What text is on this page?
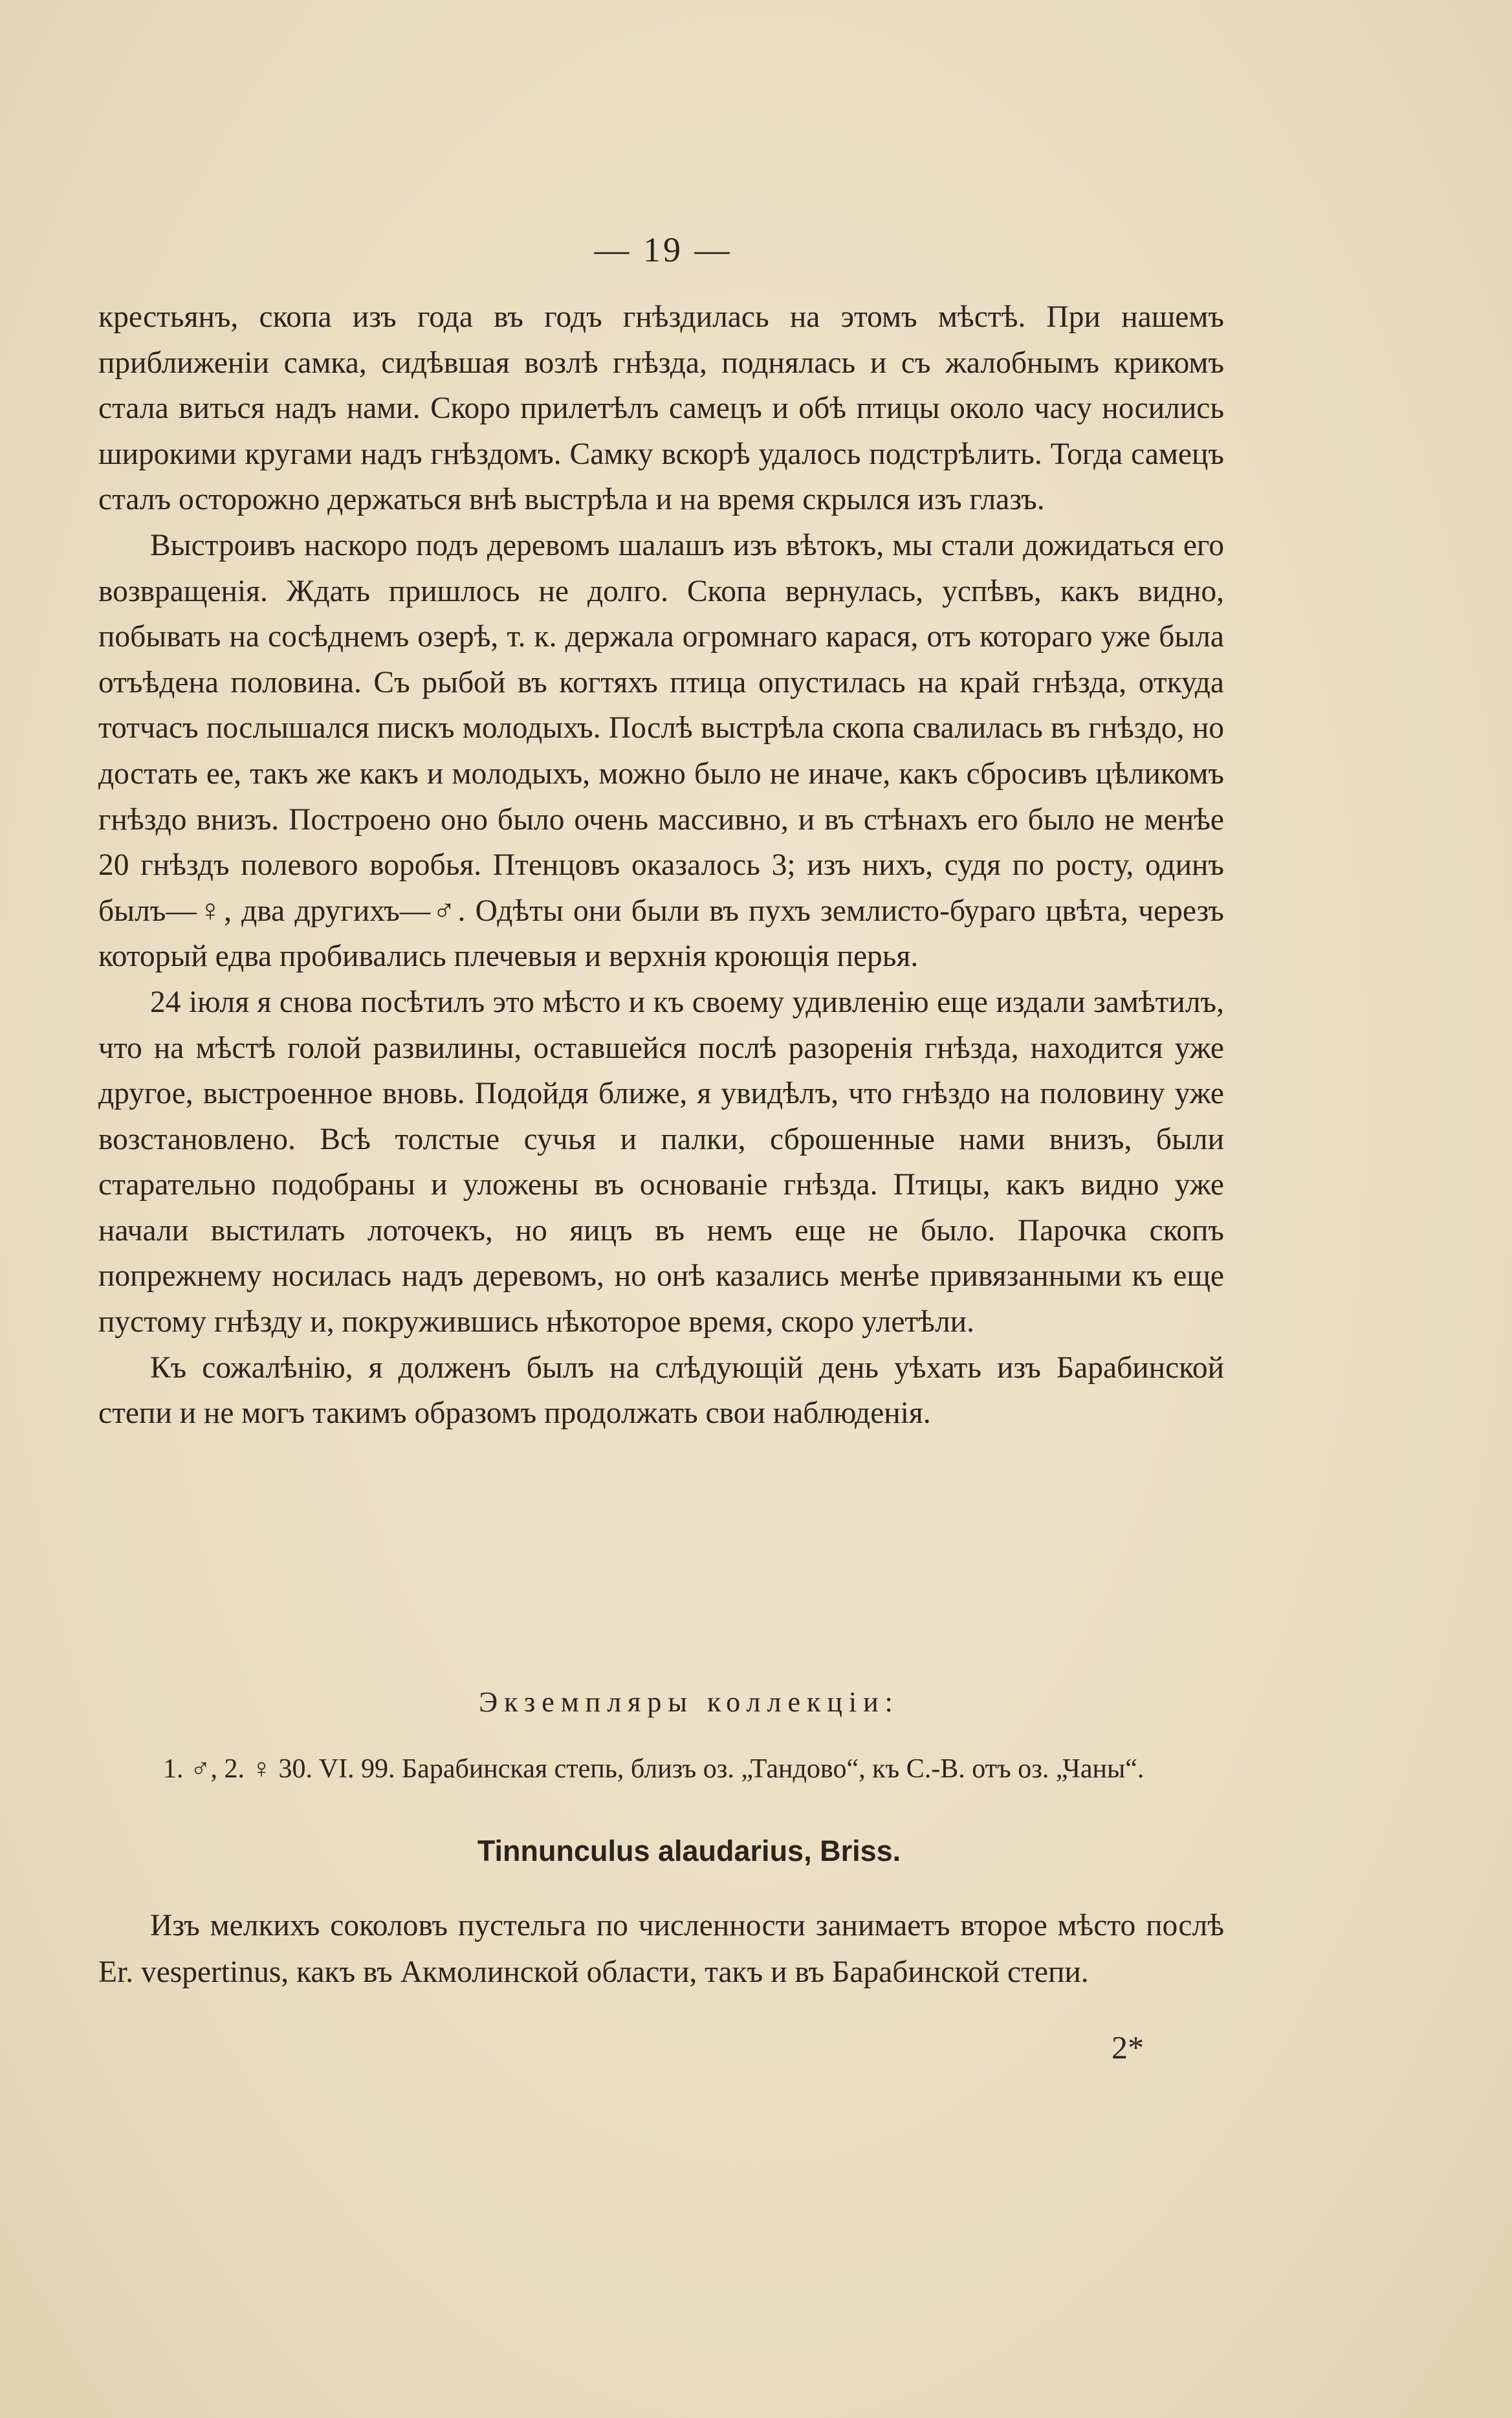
— 19 —

крестьянъ, скопа изъ года въ годъ гнѣздилась на этомъ мѣстѣ. При нашемъ приближеніи самка, сидѣвшая возлѣ гнѣзда, поднялась и съ жалобнымъ крикомъ стала виться надъ нами. Скоро прилетѣлъ самецъ и обѣ птицы около часу носились широкими кругами надъ гнѣздомъ. Самку вскорѣ удалось подстрѣлить. Тогда самецъ сталъ осторожно держаться внѣ выстрѣла и на время скрылся изъ глазъ.

Выстроивъ наскоро подъ деревомъ шалашъ изъ вѣтокъ, мы стали дожидаться его возвращенія. Ждать пришлось не долго. Скопа вернулась, успѣвъ, какъ видно, побывать на сосѣднемъ озерѣ, т. к. держала огромнаго карася, отъ котораго уже была отъѣдена половина. Съ рыбой въ когтяхъ птица опустилась на край гнѣзда, откуда тотчасъ послышался пискъ молодыхъ. Послѣ выстрѣла скопа свалилась въ гнѣздо, но достать ее, такъ же какъ и молодыхъ, можно было не иначе, какъ сбросивъ цѣликомъ гнѣздо внизъ. Построено оно было очень массивно, и въ стѣнахъ его было не менѣе 20 гнѣздъ полевого воробья. Птенцовъ оказалось 3; изъ нихъ, судя по росту, одинъ былъ—♀, два другихъ—♂. Одѣты они были въ пухъ землисто-бураго цвѣта, черезъ который едва пробивались плечевыя и верхнія кроющія перья.

24 іюля я снова посѣтилъ это мѣсто и къ своему удивленію еще издали замѣтилъ, что на мѣстѣ голой развилины, оставшейся послѣ разоренія гнѣзда, находится уже другое, выстроенное вновь. Подойдя ближе, я увидѣлъ, что гнѣздо на половину уже возстановлено. Всѣ толстые сучья и палки, сброшенные нами внизъ, были старательно подобраны и уложены въ основаніе гнѣзда. Птицы, какъ видно уже начали выстилать лоточекъ, но яицъ въ немъ еще не было. Парочка скопъ попрежнему носилась надъ деревомъ, но онѣ казались менѣе привязанными къ еще пустому гнѣзду и, покружившись нѣкоторое время, скоро улетѣли.

Къ сожалѣнію, я долженъ былъ на слѣдующій день уѣхать изъ Барабинской степи и не могъ такимъ образомъ продолжать свои наблюденія.

Экземпляры коллекціи:

1. ♂, 2. ♀ 30. VI. 99. Барабинская степь, близъ оз. „Тандово“, къ С.-В. отъ оз. „Чаны“.

Tinnunculus alaudarius, Briss.

Изъ мелкихъ соколовъ пустельга по численности занимаетъ второе мѣсто послѣ Er. vespertinus, какъ въ Акмолинской области, такъ и въ Барабинской степи.

2*
